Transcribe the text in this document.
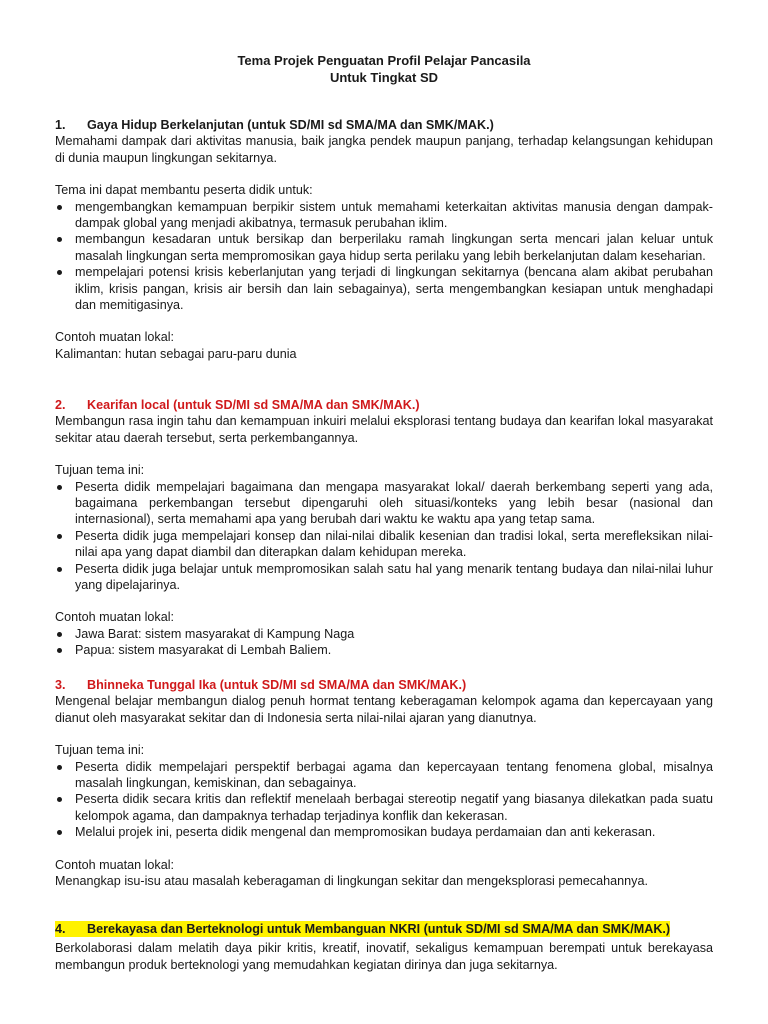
Tema Projek Penguatan Profil Pelajar Pancasila
Untuk Tingkat SD
1.	Gaya Hidup Berkelanjutan (untuk SD/MI sd SMA/MA dan SMK/MAK.)

Memahami dampak dari aktivitas manusia, baik jangka pendek maupun panjang, terhadap kelangsungan kehidupan di dunia maupun lingkungan sekitarnya.

Tema ini dapat membantu peserta didik untuk:

mengembangkan kemampuan berpikir sistem untuk memahami keterkaitan aktivitas manusia dengan dampak-dampak global yang menjadi akibatnya, termasuk perubahan iklim.
membangun kesadaran untuk bersikap dan berperilaku ramah lingkungan serta mencari jalan keluar untuk masalah lingkungan serta mempromosikan gaya hidup serta perilaku yang lebih berkelanjutan dalam keseharian.
mempelajari potensi krisis keberlanjutan yang terjadi di lingkungan sekitarnya (bencana alam akibat perubahan iklim, krisis pangan, krisis air bersih dan lain sebagainya), serta mengembangkan kesiapan untuk menghadapi dan memitigasinya.

Contoh muatan lokal:

Kalimantan: hutan sebagai paru-paru dunia

2.	Kearifan local (untuk SD/MI sd SMA/MA dan SMK/MAK.)

Membangun rasa ingin tahu dan kemampuan inkuiri melalui eksplorasi tentang budaya dan kearifan lokal masyarakat sekitar atau daerah tersebut, serta perkembangannya.

Tujuan tema ini:

Peserta didik mempelajari bagaimana dan mengapa masyarakat lokal/ daerah berkembang seperti yang ada, bagaimana perkembangan tersebut dipengaruhi oleh situasi/konteks yang lebih besar (nasional dan internasional), serta memahami apa yang berubah dari waktu ke waktu apa yang tetap sama.
Peserta didik juga mempelajari konsep dan nilai-nilai dibalik kesenian dan tradisi lokal, serta merefleksikan nilai-nilai apa yang dapat diambil dan diterapkan dalam kehidupan mereka.
Peserta didik juga belajar untuk mempromosikan salah satu hal yang menarik tentang budaya dan nilai-nilai luhur yang dipelajarinya.

Contoh muatan lokal:

Jawa Barat: sistem masyarakat di Kampung Naga
Papua: sistem masyarakat di Lembah Baliem.
3.	Bhinneka Tunggal Ika (untuk SD/MI sd SMA/MA dan SMK/MAK.)

Mengenal belajar membangun dialog penuh hormat tentang keberagaman kelompok agama dan kepercayaan yang dianut oleh masyarakat sekitar dan di Indonesia serta nilai-nilai ajaran yang dianutnya.

Tujuan tema ini:

Peserta didik mempelajari perspektif berbagai agama dan kepercayaan tentang fenomena global, misalnya masalah lingkungan, kemiskinan, dan sebagainya.
Peserta didik secara kritis dan reflektif menelaah berbagai stereotip negatif yang biasanya dilekatkan pada suatu kelompok agama, dan dampaknya terhadap terjadinya konflik dan kekerasan.
Melalui projek ini, peserta didik mengenal dan mempromosikan budaya perdamaian dan anti kekerasan.

Contoh muatan lokal:

Menangkap isu-isu atau masalah keberagaman di lingkungan sekitar dan mengeksplorasi pemecahannya.

4.	Berekayasa dan Berteknologi untuk Membanguan NKRI (untuk SD/MI sd SMA/MA dan SMK/MAK.)

Berkolaborasi dalam melatih daya pikir kritis, kreatif, inovatif, sekaligus kemampuan berempati untuk berekayasa membangun produk berteknologi yang memudahkan kegiatan dirinya dan juga sekitarnya.
